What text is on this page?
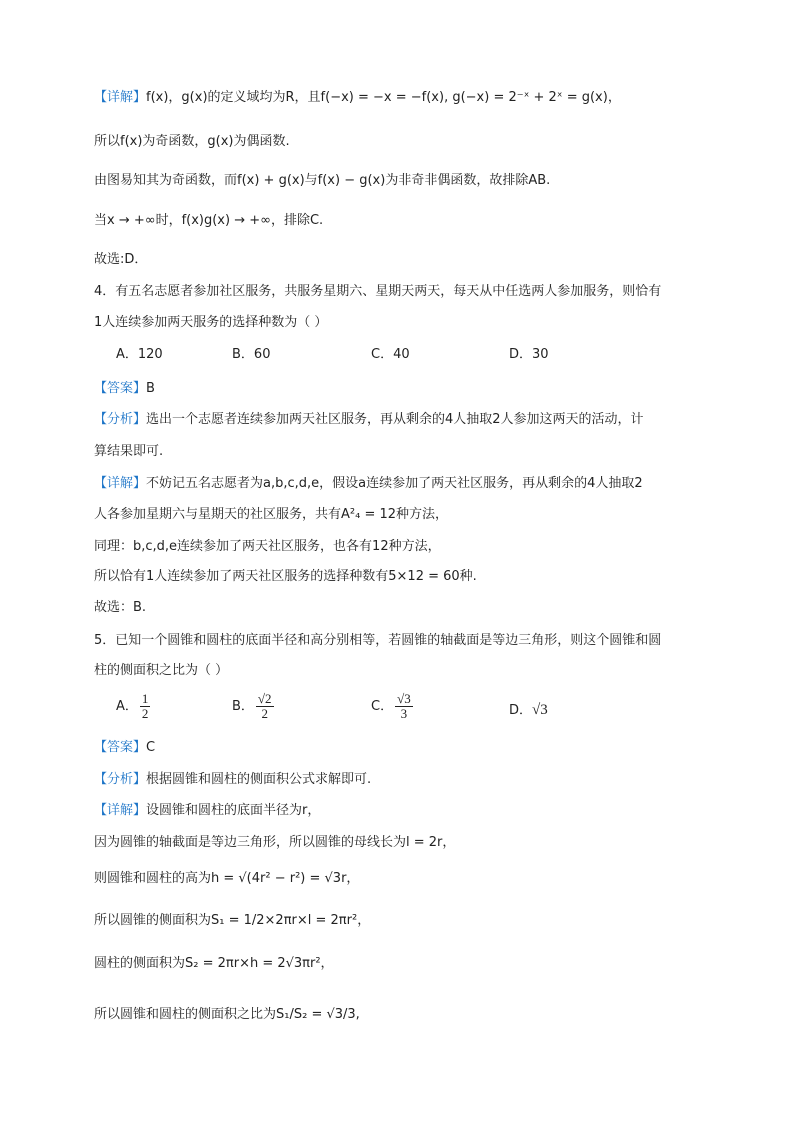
【详解】f(x)，g(x)的定义域均为R，且f(−x) = −x = −f(x), g(−x) = 2⁻ˣ + 2ˣ = g(x)，
所以f(x)为奇函数，g(x)为偶函数.
由图易知其为奇函数，而f(x) + g(x)与f(x) − g(x)为非奇非偶函数，故排除AB.
当x → +∞时，f(x)g(x) → +∞，排除C.
故选:D．
4．有五名志愿者参加社区服务，共服务星期六、星期天两天，每天从中任选两人参加服务，则恰有
1人连续参加两天服务的选择种数为（ ）
A．120	B．60	C．40	D．30
【答案】B
【分析】选出一个志愿者连续参加两天社区服务，再从剩余的4人抽取2人参加这两天的活动，计
算结果即可.
【详解】不妨记五名志愿者为a,b,c,d,e，假设a连续参加了两天社区服务，再从剩余的4人抽取2
人各参加星期六与星期天的社区服务，共有A²₄ = 12种方法，
同理：b,c,d,e连续参加了两天社区服务，也各有12种方法，
所以恰有1人连续参加了两天社区服务的选择种数有5×12 = 60种.
故选：B.
5．已知一个圆锥和圆柱的底面半径和高分别相等，若圆锥的轴截面是等边三角形，则这个圆锥和圆
柱的侧面积之比为（ ）
A． $\frac{1}{2}$	B． $\frac{√2}{2}$	C． $\frac{√3}{3}$	D．√3
【答案】C
【分析】根据圆锥和圆柱的侧面积公式求解即可.
【详解】设圆锥和圆柱的底面半径为r，
因为圆锥的轴截面是等边三角形，所以圆锥的母线长为l = 2r，
则圆锥和圆柱的高为h = √(4r² − r²) = √3r，
所以圆锥的侧面积为S₁ = 1/2×2πr×l = 2πr²，
圆柱的侧面积为S₂ = 2πr×h = 2√3πr²，
所以圆锥和圆柱的侧面积之比为S₁/S₂ = √3/3,
